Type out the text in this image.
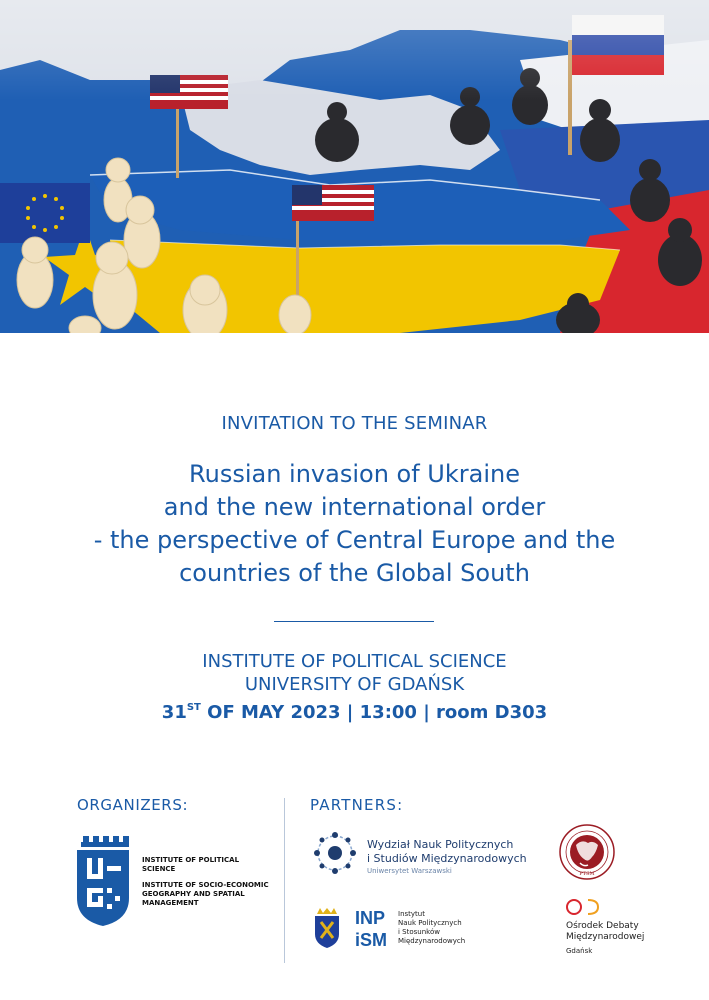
INVITATION TO THE SEMINAR
Russian invasion of Ukraine
and the new international order
- the perspective of Central Europe and the
countries of the Global South
INSTITUTE OF POLITICAL SCIENCE
UNIVERSITY OF GDAŃSK
31ST OF MAY 2023 | 13:00 | room D303
ORGANIZERS:	PARTNERS:
INSTITUTE OF POLITICAL
SCIENCE
INSTITUTE OF SOCIO-ECONOMIC
GEOGRAPHY AND SPATIAL
MANAGEMENT
Wydział Nauk Politycznych
i Studiów Międzynarodowych
Uniwersytet Warszawski	PTSM
INP
iSM
Instytut
Nauk Politycznych
i Stosunków
Międzynarodowych
Ośrodek Debaty
Międzynarodowej
Gdańsk
